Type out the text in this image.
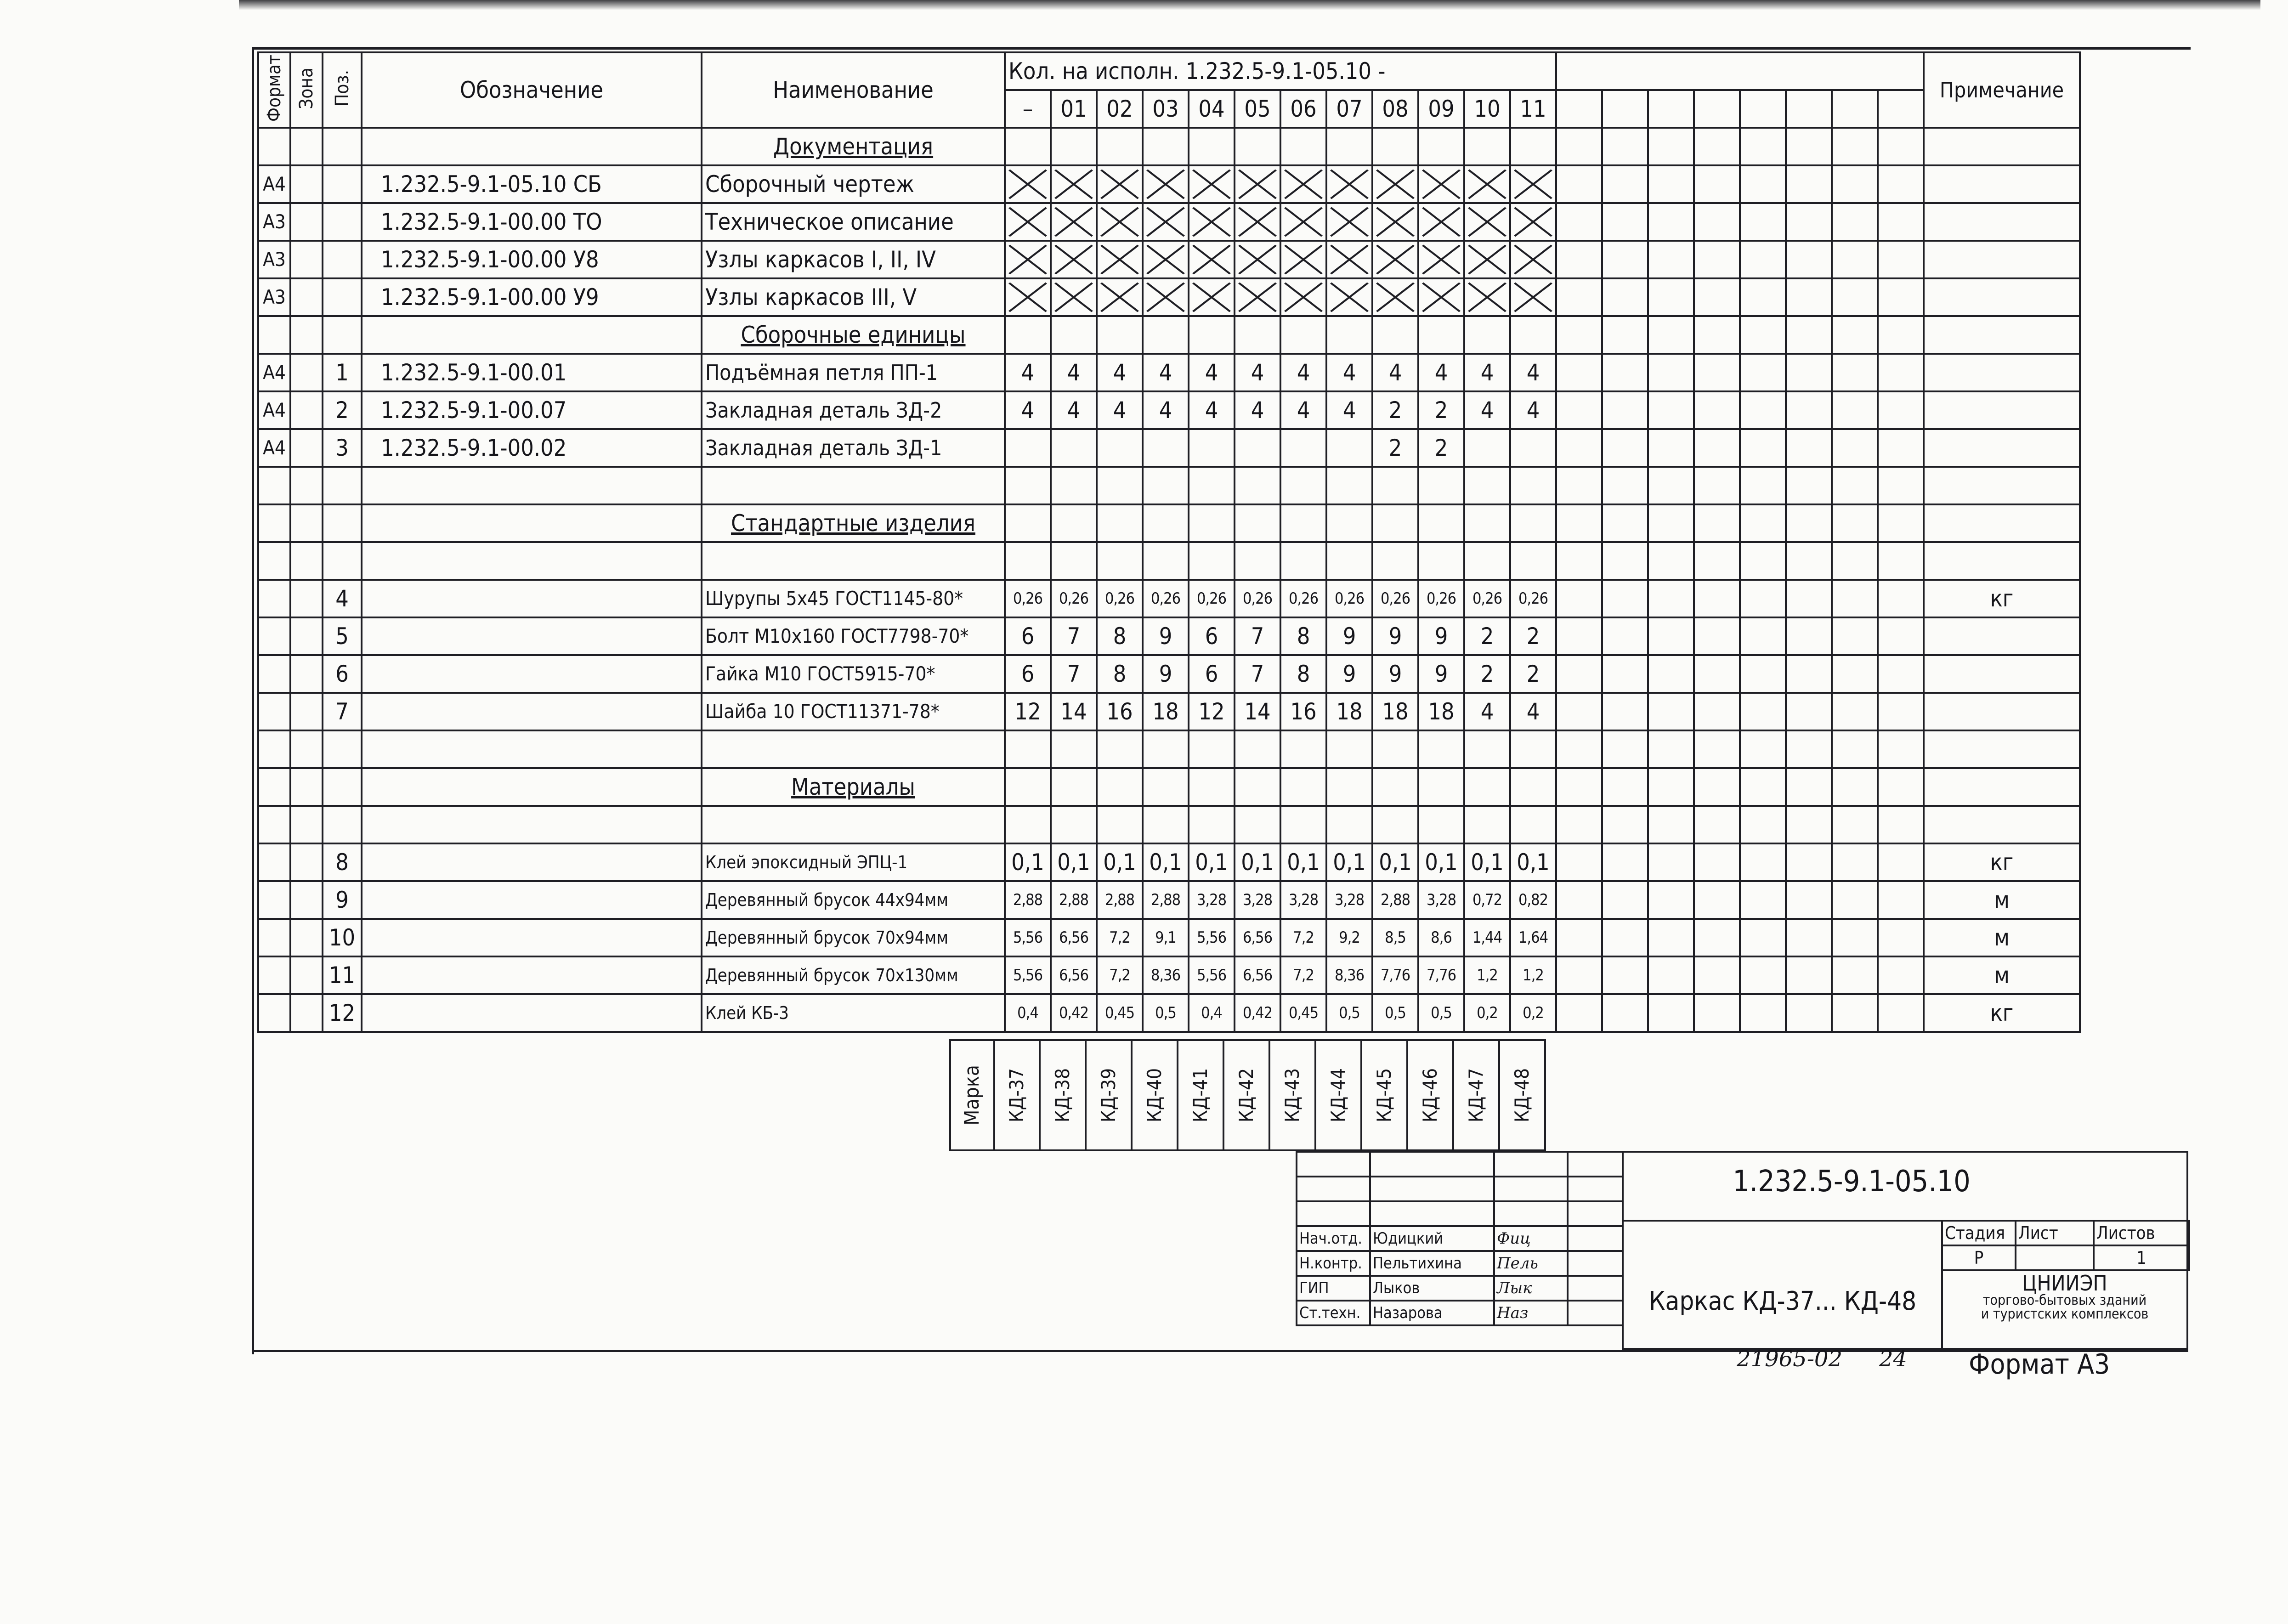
Формат	Зона	Поз.	Обозначение	Наименование	Кол. на исполн. 1.232.5-9.1-05.10 -																				Примечание
					–	01	02	03	04	05	06	07	08	09	10	11									
				Документация																					
А4			1.232.5-9.1-05.10 СБ	Сборочный чертеж	

А3			1.232.5-9.1-00.00 ТО	Техническое описание	

А3			1.232.5-9.1-00.00 У8	Узлы каркасов I, II, IV	

А3			1.232.5-9.1-00.00 У9	Узлы каркасов III, V	

				Сборочные единицы																					
А4		1	1.232.5-9.1-00.01	Подъёмная петля ПП-1	4	4	4	4	4	4	4	4	4	4	4	4									
А4		2	1.232.5-9.1-00.07	Закладная деталь ЗД-2	4	4	4	4	4	4	4	4	2	2	4	4									
А4		3	1.232.5-9.1-00.02	Закладная деталь ЗД-1									2	2											

				Стандартные изделия																					

		4		Шурупы 5х45 ГОСТ1145-80*	0,26	0,26	0,26	0,26	0,26	0,26	0,26	0,26	0,26	0,26	0,26	0,26									кг
		5		Болт М10х160 ГОСТ7798-70*	6	7	8	9	6	7	8	9	9	9	2	2									
		6		Гайка М10 ГОСТ5915-70*	6	7	8	9	6	7	8	9	9	9	2	2									
		7		Шайба 10 ГОСТ11371-78*	12	14	16	18	12	14	16	18	18	18	4	4									

				Материалы																					

		8		Клей эпоксидный ЭПЦ-1	0,1	0,1	0,1	0,1	0,1	0,1	0,1	0,1	0,1	0,1	0,1	0,1									кг
		9		Деревянный брусок 44х94мм	2,88	2,88	2,88	2,88	3,28	3,28	3,28	3,28	2,88	3,28	0,72	0,82									м
		10		Деревянный брусок 70х94мм	5,56	6,56	7,2	9,1	5,56	6,56	7,2	9,2	8,5	8,6	1,44	1,64									м
		11		Деревянный брусок 70х130мм	5,56	6,56	7,2	8,36	5,56	6,56	7,2	8,36	7,76	7,76	1,2	1,2									м
		12		Клей КБ-3	0,4	0,42	0,45	0,5	0,4	0,42	0,45	0,5	0,5	0,5	0,2	0,2									кг
Марка КД-37 КД-38 КД-39 КД-40 КД-41 КД-42 КД-43 КД-44 КД-45 КД-46 КД-47 КД-48

Нач.отд.	Юдицкий	Фиц	
Н.контр.	Пельтихина	Пель	
ГИП	Лыков	Лык	
Ст.техн.	Назарова	Наз	
1.232.5-9.1-05.10
Каркас КД-37... КД-48
Стадия	Лист	Листов
Р		1
ЦНИИЭП
торгово-бытовых зданий
и туристских комплексов
21965-02 24 Формат А3
